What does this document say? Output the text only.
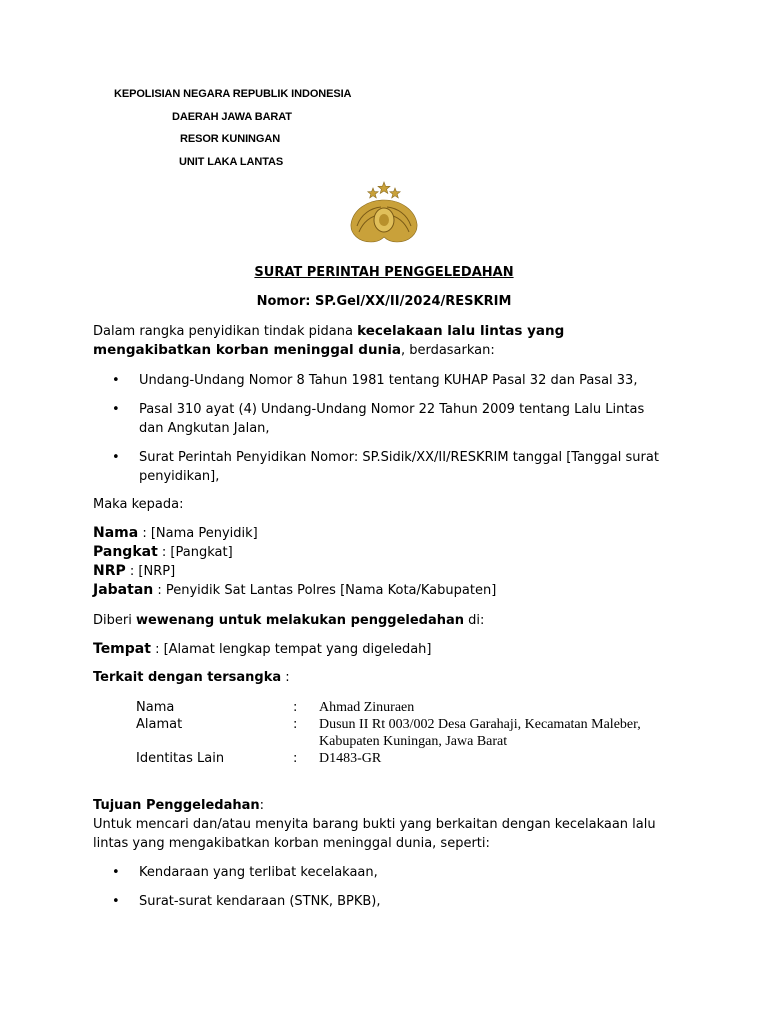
KEPOLISIAN NEGARA REPUBLIK INDONESIA
DAERAH JAWA BARAT
RESOR KUNINGAN
UNIT LAKA LANTAS
SURAT PERINTAH PENGGELEDAHAN
Nomor: SP.Gel/XX/II/2024/RESKRIM
Dalam rangka penyidikan tindak pidana kecelakaan lalu lintas yang mengakibatkan korban meninggal dunia, berdasarkan:
• Undang-Undang Nomor 8 Tahun 1981 tentang KUHAP Pasal 32 dan Pasal 33,
• Pasal 310 ayat (4) Undang-Undang Nomor 22 Tahun 2009 tentang Lalu Lintas dan Angkutan Jalan,
• Surat Perintah Penyidikan Nomor: SP.Sidik/XX/II/RESKRIM tanggal [Tanggal surat penyidikan],
Maka kepada:
Nama : [Nama Penyidik]
Pangkat : [Pangkat]
NRP : [NRP]
Jabatan : Penyidik Sat Lantas Polres [Nama Kota/Kabupaten]
Diberi wewenang untuk melakukan penggeledahan di:
Tempat : [Alamat lengkap tempat yang digeledah]
Terkait dengan tersangka :
Nama	: Ahmad Zinuraen
Alamat	: Dusun II Rt 003/002 Desa Garahaji, Kecamatan Maleber, Kabupaten Kuningan, Jawa Barat
Identitas Lain	: D1483-GR
Tujuan Penggeledahan:
Untuk mencari dan/atau menyita barang bukti yang berkaitan dengan kecelakaan lalu lintas yang mengakibatkan korban meninggal dunia, seperti:
• Kendaraan yang terlibat kecelakaan,
• Surat-surat kendaraan (STNK, BPKB),
